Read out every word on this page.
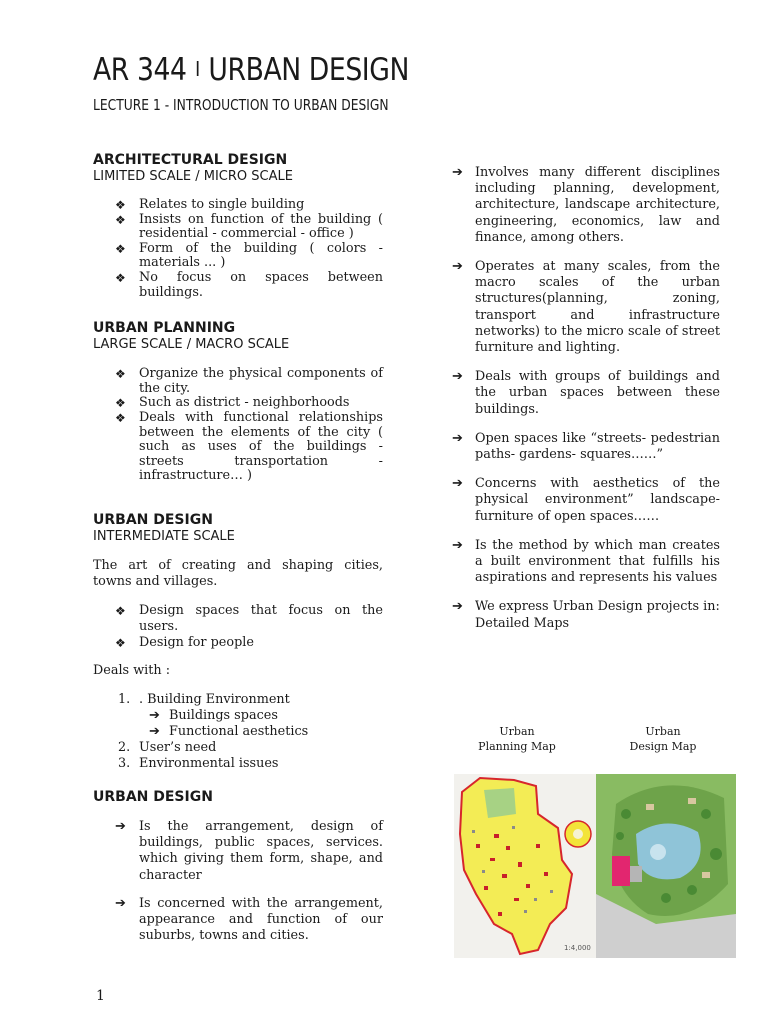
AR 344 I URBAN DESIGN
LECTURE 1 - INTRODUCTION TO URBAN DESIGN
ARCHITECTURAL DESIGN

LIMITED SCALE / MICRO SCALE

❖ Relates to single building
❖ Insists on function of the building ( residential - commercial - office )
❖ Form of the building ( colors - materials ... )
❖ No focus on spaces between buildings.
URBAN PLANNING

LARGE SCALE / MACRO SCALE

❖ Organize the physical components of the city.
❖ Such as district - neighborhoods
❖ Deals with functional relationships between the elements of the city ( such as uses of the buildings - streets transportation - infrastructure… )
URBAN DESIGN

INTERMEDIATE SCALE

The art of creating and shaping cities, towns and villages.

❖ Design spaces that focus on the users.
❖ Design for people

Deals with :

1. . Building Environment
➔ Buildings spaces
➔ Functional aesthetics
2. User’s need
3. Environmental issues
URBAN DESIGN
➔ Is the arrangement, design of buildings, public spaces, services. which giving them form, shape, and character
➔ Is concerned with the arrangement, appearance and function of our suburbs, towns and cities.
➔ Involves many different disciplines including planning, development, architecture, landscape architecture, engineering, economics, law and finance, among others.
➔ Operates at many scales, from the macro scales of the urban structures(planning, zoning, transport and infrastructure networks) to the micro scale of street furniture and lighting.
➔ Deals with groups of buildings and the urban spaces between these buildings.
➔ Open spaces like “streets- pedestrian paths- gardens- squares……”
➔ Concerns with aesthetics of the physical environment” landscape- furniture of open spaces……
➔ Is the method by which man creates a built environment that fulfills his aspirations and represents his values
➔ We express Urban Design projects in: Detailed Maps
Urban
Planning Map
Urban
Design Map
1:4,000
1
